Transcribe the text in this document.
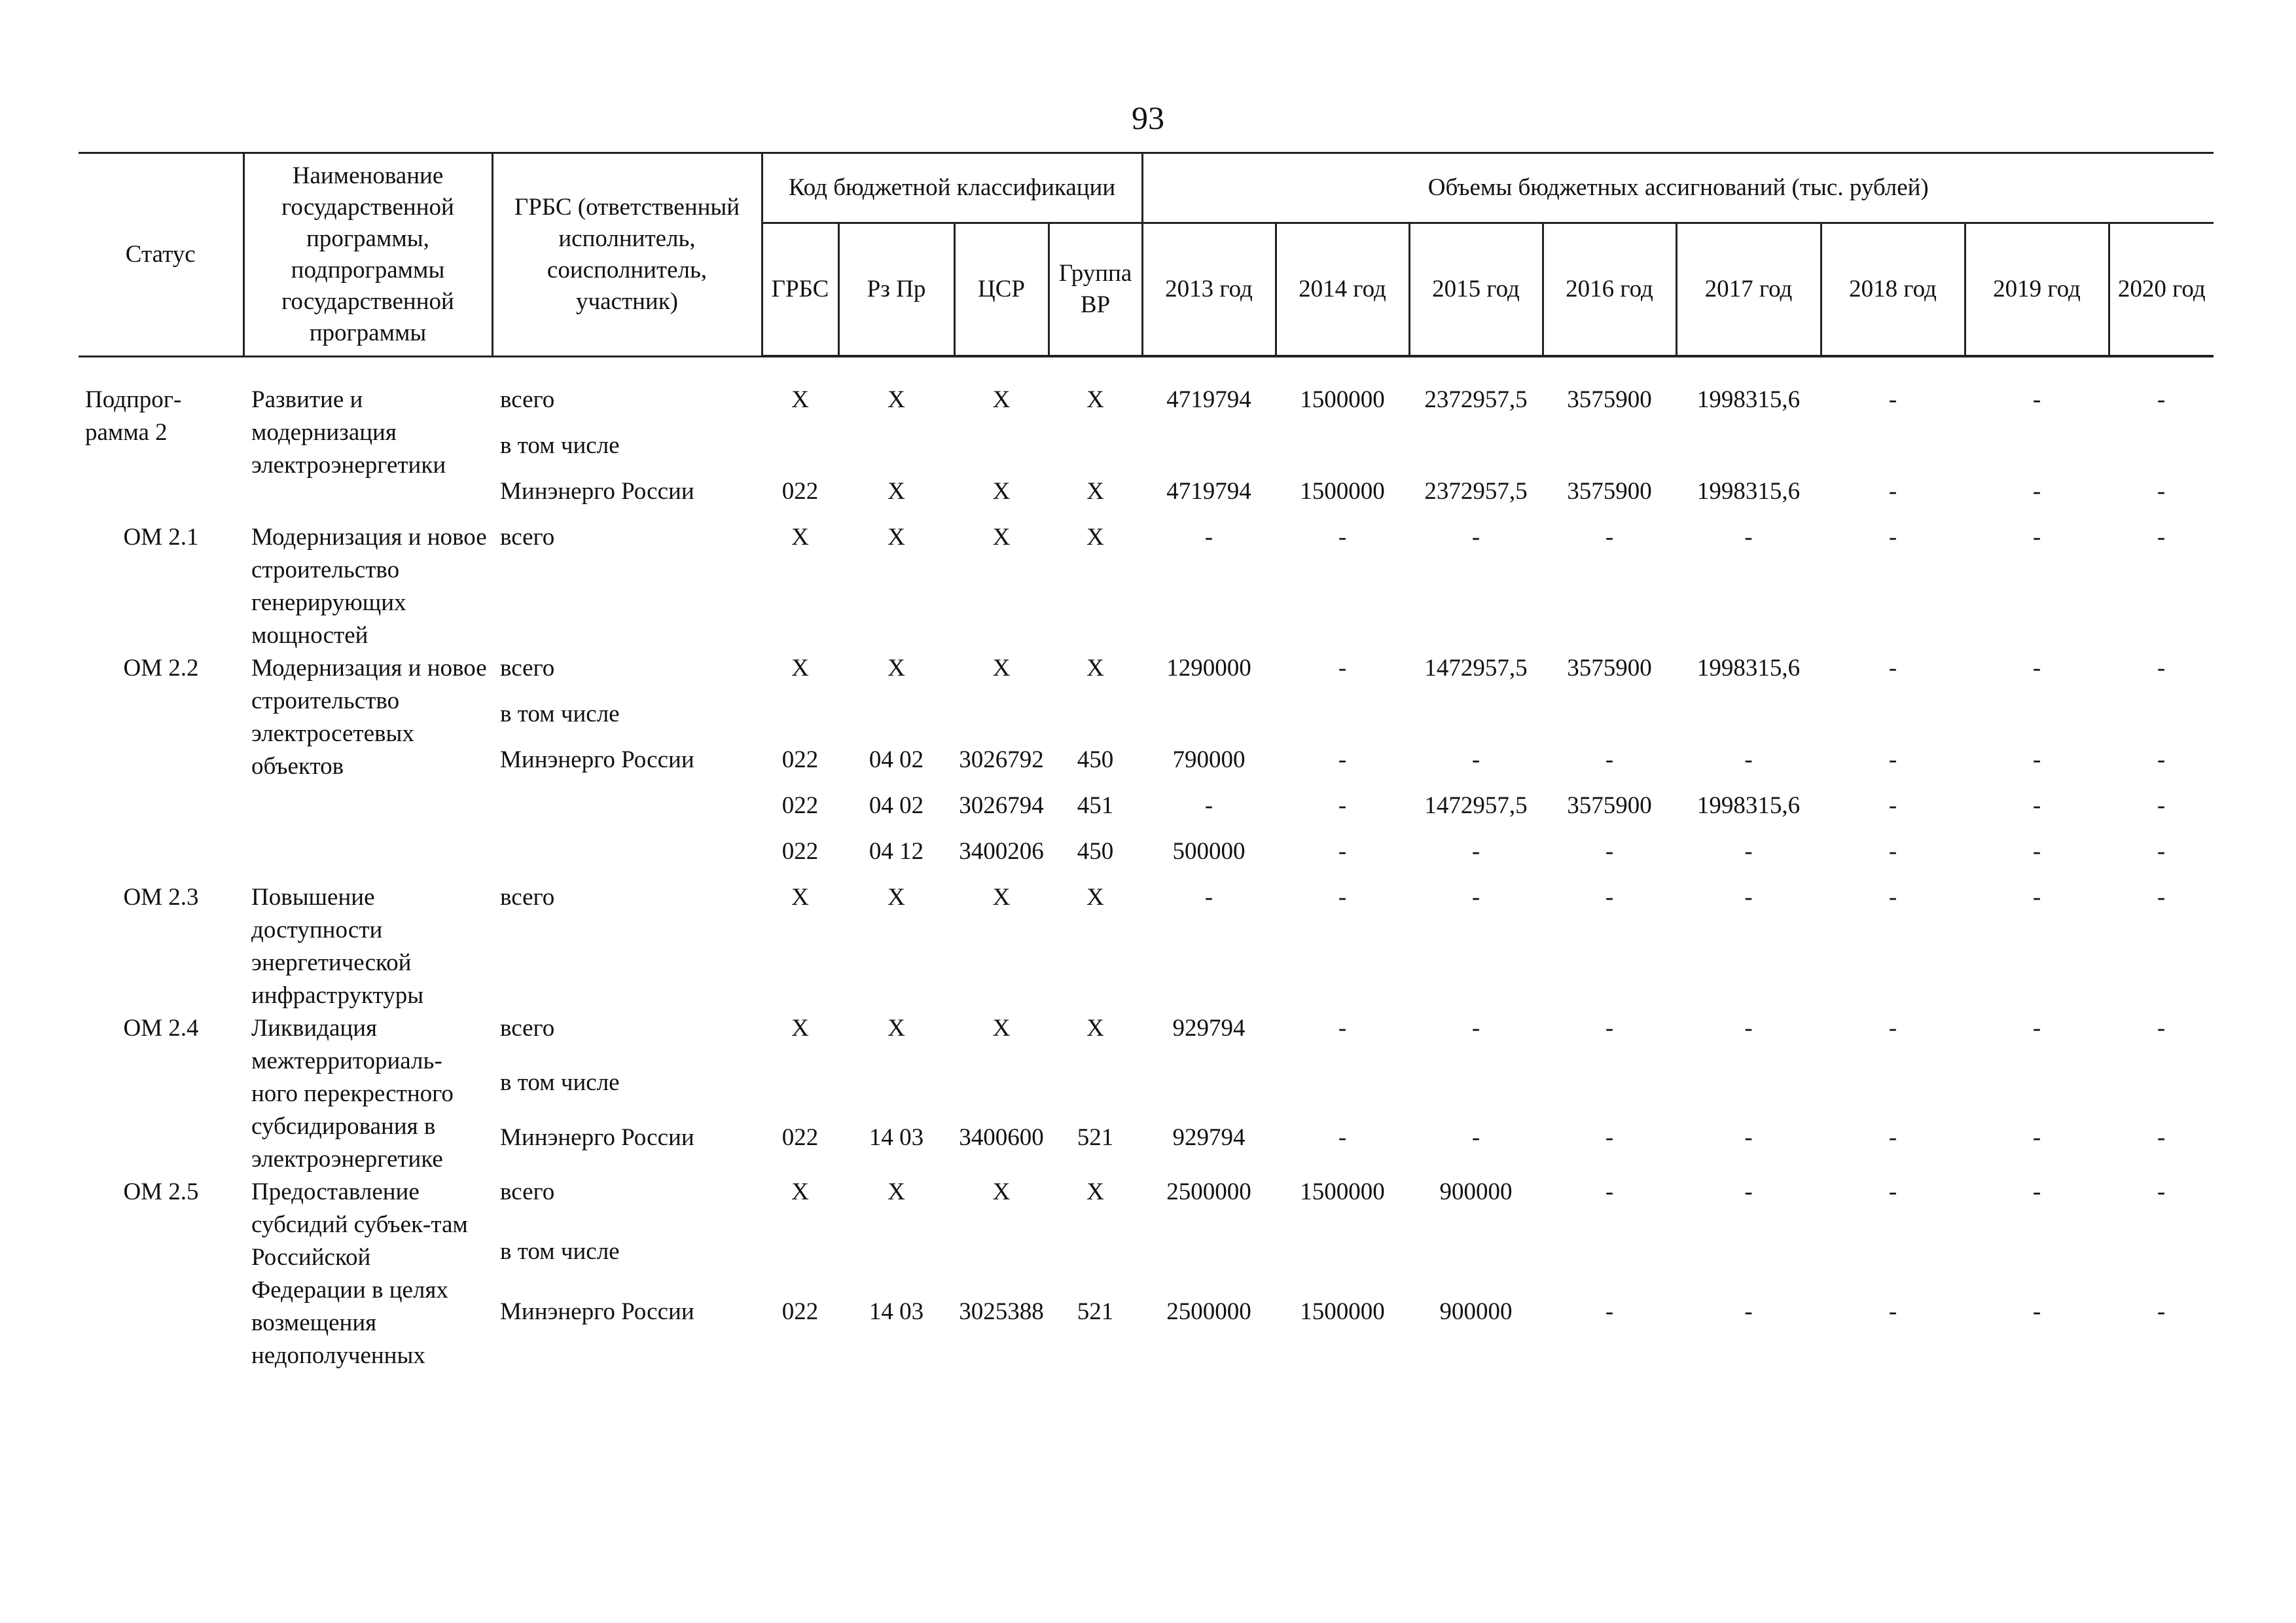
93
Статус	Наименование государственной программы, подпрограммы государственной программы	ГРБС (ответственный исполнитель, соисполнитель, участник)	Код бюджетной классификации				Объемы бюджетных ассигнований (тыс. рублей)							
			ГРБС	Рз Пр	ЦСР	Группа ВР	2013 год	2014 год	2015 год	2016 год	2017 год	2018 год	2019 год	2020 год

Подпрог-рамма 2	Развитие и модернизация электроэнергетики	всего	X	X	X	X	4719794	1500000	2372957,5	3575900	1998315,6	-	-	-
		в том числе												
		Минэнерго России	022	X	X	X	4719794	1500000	2372957,5	3575900	1998315,6	-	-	-
ОМ 2.1	Модернизация и новое строительство генерирующих мощностей	всего	X	X	X	X	-	-	-	-	-	-	-	-
ОМ 2.2	Модернизация и новое строительство электросетевых объектов	всего	X	X	X	X	1290000	-	1472957,5	3575900	1998315,6	-	-	-
		в том числе												
		Минэнерго России	022	04 02	3026792	450	790000	-	-	-	-	-	-	-
			022	04 02	3026794	451	-	-	1472957,5	3575900	1998315,6	-	-	-
			022	04 12	3400206	450	500000	-	-	-	-	-	-	-
ОМ 2.3	Повышение доступности энергетической инфраструктуры	всего	X	X	X	X	-	-	-	-	-	-	-	-
ОМ 2.4	Ликвидация межтерриториаль-ного перекрестного субсидирования в электроэнергетике	всего	X	X	X	X	929794	-	-	-	-	-	-	-
		в том числе												
		Минэнерго России	022	14 03	3400600	521	929794	-	-	-	-	-	-	-
ОМ 2.5	Предоставление субсидий субъек-там Российской Федерации в целях возмещения недополученных	всего	X	X	X	X	2500000	1500000	900000	-	-	-	-	-
		в том числе												
		Минэнерго России	022	14 03	3025388	521	2500000	1500000	900000	-	-	-	-	-
